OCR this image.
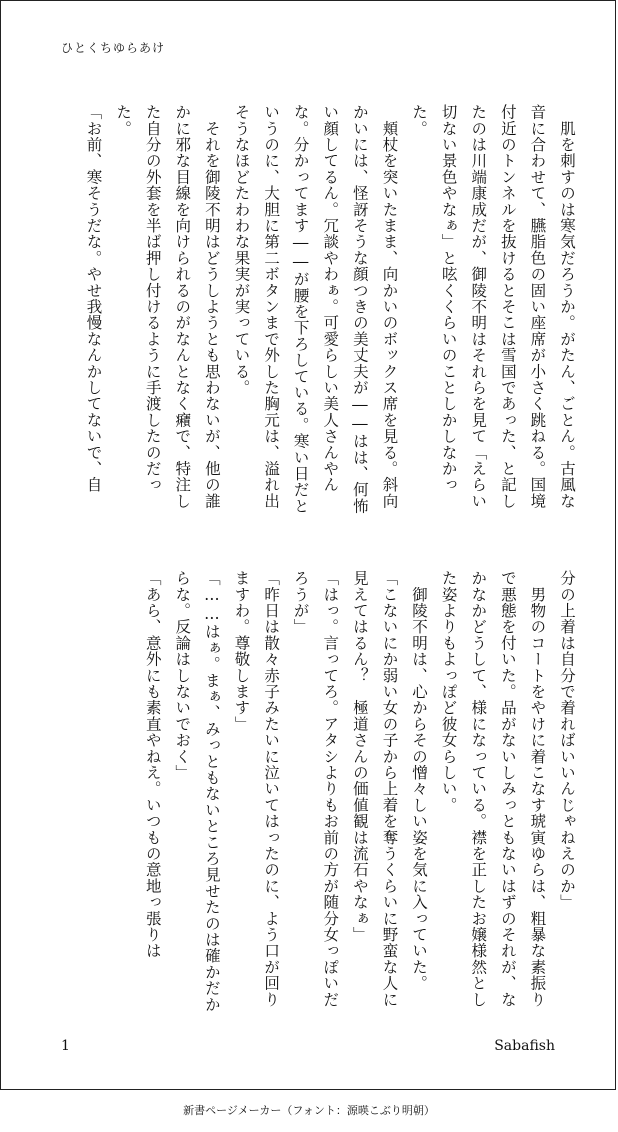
ひとくちゆらあけ

　肌を刺すのは寒気だろうか。がたん、ごとん。古風な音に合わせて、臙脂色の固い座席が小さく跳ねる。国境付近のトンネルを抜けるとそこは雪国であった、と記したのは川端康成だが、御陵不明はそれらを見て「えらい切ない景色やなぁ」と呟くくらいのことしかしなかった。

　頬杖を突いたまま、向かいのボックス席を見る。斜向かいには、怪訝そうな顔つきの美丈夫が――はは、何怖い顔してるん。冗談やわぁ。可愛らしい美人さんやんな。分かってます――が腰を下ろしている。寒い日だというのに、大胆に第二ボタンまで外した胸元は、溢れ出そうなほどたわわな果実が実っている。

　それを御陵不明はどうしようとも思わないが、他の誰かに邪な目線を向けられるのがなんとなく癪で、特注した自分の外套を半ば押し付けるように手渡したのだった。

「お前、寒そうだな。やせ我慢なんかしてないで、自

分の上着は自分で着ればいいんじゃねえのか」

　男物のコートをやけに着こなす琥寅ゆらは、粗暴な素振りで悪態を付いた。品がないしみっともないはずのそれが、なかなかどうして、様になっている。襟を正したお嬢様然とした姿よりもよっぽど彼女らしい。

　御陵不明は、心からその憎々しい姿を気に入っていた。

「こないにか弱い女の子から上着を奪うくらいに野蛮な人に見えてはるん？　極道さんの価値観は流石やなぁ」

「はっ。言ってろ。アタシよりもお前の方が随分女っぽいだろうが」

「昨日は散々赤子みたいに泣いてはったのに、よう口が回りますわ。尊敬します」

「……はぁ。まぁ、みっともないところ見せたのは確かだからな。反論はしないでおく」

「あら、意外にも素直やねえ。いつもの意地っ張りは

1	Sabafish
新書ページメーカー（フォント：源暎こぶり明朝）
